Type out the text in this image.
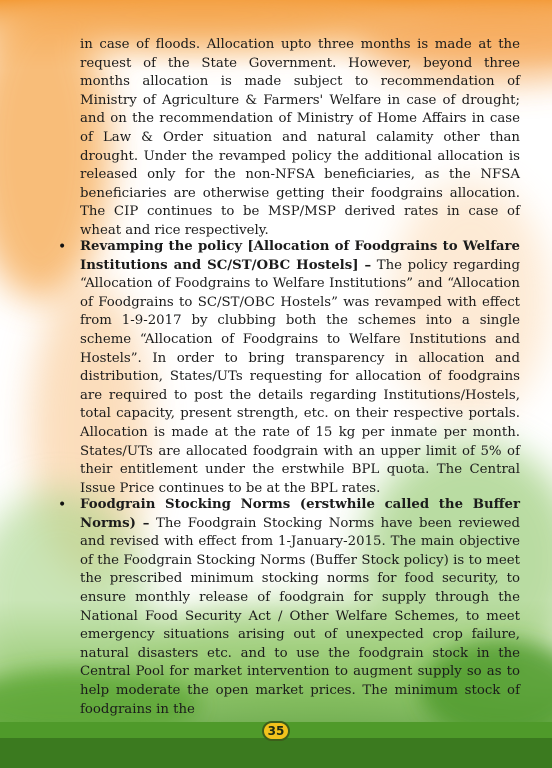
in case of floods. Allocation upto three months is made at the request of the State Government. However, beyond three months allocation is made subject to recommendation of Ministry of Agriculture & Farmers' Welfare in case of drought; and on the recommendation of Ministry of Home Affairs in case of Law & Order situation and natural calamity other than drought. Under the revamped policy the additional allocation is released only for the non-NFSA beneficiaries, as the NFSA beneficiaries are otherwise getting their foodgrains allocation. The CIP continues to be MSP/MSP derived rates in case of wheat and rice respectively.

•	Revamping the policy [Allocation of Foodgrains to Welfare Institutions and SC/ST/OBC Hostels] – The policy regarding “Allocation of Foodgrains to Welfare Institutions” and “Allocation of Foodgrains to SC/ST/OBC Hostels” was revamped with effect from 1-9-2017 by clubbing both the schemes into a single scheme “Allocation of Foodgrains to Welfare Institutions and Hostels”. In order to bring transparency in allocation and distribution, States/UTs requesting for allocation of foodgrains are required to post the details regarding Institutions/Hostels, total capacity, present strength, etc. on their respective portals. Allocation is made at the rate of 15 kg per inmate per month. States/UTs are allocated foodgrain with an upper limit of 5% of their entitlement under the erstwhile BPL quota. The Central Issue Price continues to be at the BPL rates.
•	Foodgrain Stocking Norms (erstwhile called the Buffer Norms) – The Foodgrain Stocking Norms have been reviewed and revised with effect from 1-January-2015. The main objective of the Foodgrain Stocking Norms (Buffer Stock policy) is to meet the prescribed minimum stocking norms for food security, to ensure monthly release of foodgrain for supply through the National Food Security Act / Other Welfare Schemes, to meet emergency situations arising out of unexpected crop failure, natural disasters etc. and to use the foodgrain stock in the Central Pool for market intervention to augment supply so as to help moderate the open market prices. The minimum stock of foodgrains in the
35
